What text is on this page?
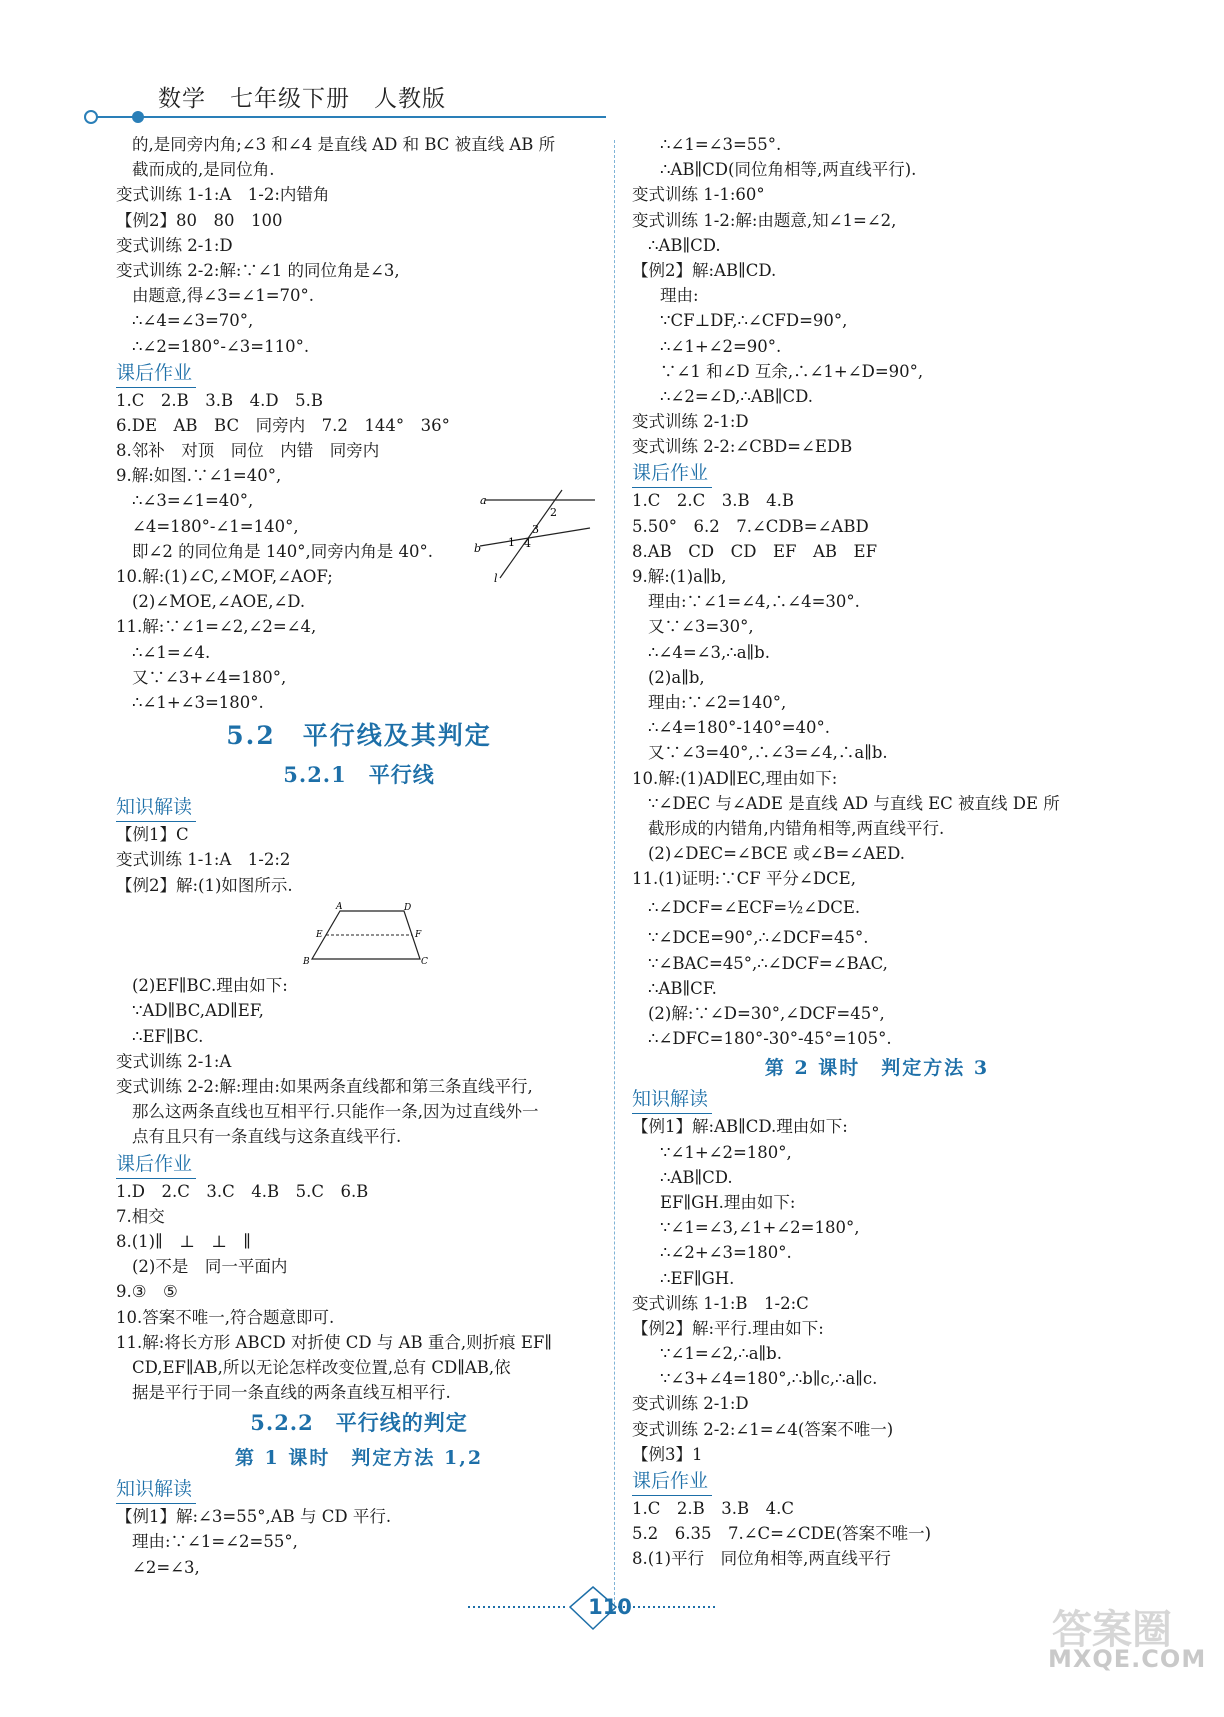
数学　七年级下册　人教版
的,是同旁内角;∠3 和∠4 是直线 AD 和 BC 被直线 AB 所
截而成的,是同位角.
变式训练 1-1:A　1-2:内错角
【例2】80　80　100
变式训练 2-1:D
变式训练 2-2:解:∵∠1 的同位角是∠3,
由题意,得∠3=∠1=70°.
∴∠4=∠3=70°,
∴∠2=180°-∠3=110°.
课后作业
1.C　2.B　3.B　4.D　5.B
6.DE　AB　BC　同旁内　7.2　144°　36°
8.邻补　对顶　同位　内错　同旁内
9.解:如图.∵∠1=40°,
∴∠3=∠1=40°,
∠4=180°-∠1=140°,
即∠2 的同位角是 140°,同旁内角是 40°.
10.解:(1)∠C,∠MOF,∠AOF;
(2)∠MOE,∠AOE,∠D.
11.解:∵∠1=∠2,∠2=∠4,
∴∠1=∠4.
又∵∠3+∠4=180°,
∴∠1+∠3=180°.
5.2　平行线及其判定
5.2.1　平行线
知识解读
【例1】C
变式训练 1-1:A　1-2:2
【例2】解:(1)如图所示.
(2)EF∥BC.理由如下:
∵AD∥BC,AD∥EF,
∴EF∥BC.
变式训练 2-1:A
变式训练 2-2:解:理由:如果两条直线都和第三条直线平行,
那么这两条直线也互相平行.只能作一条,因为过直线外一
点有且只有一条直线与这条直线平行.
课后作业
1.D　2.C　3.C　4.B　5.C　6.B
7.相交
8.(1)∥　⊥　⊥　∥
(2)不是　同一平面内
9.③　⑤
10.答案不唯一,符合题意即可.
11.解:将长方形 ABCD 对折使 CD 与 AB 重合,则折痕 EF∥
CD,EF∥AB,所以无论怎样改变位置,总有 CD∥AB,依
据是平行于同一条直线的两条直线互相平行.
5.2.2　平行线的判定
第 1 课时　判定方法 1,2
知识解读
【例1】解:∠3=55°,AB 与 CD 平行.
理由:∵∠1=∠2=55°,
∠2=∠3,
∴∠1=∠3=55°.
∴AB∥CD(同位角相等,两直线平行).
变式训练 1-1:60°
变式训练 1-2:解:由题意,知∠1=∠2,
∴AB∥CD.
【例2】解:AB∥CD.
理由:
∵CF⊥DF,∴∠CFD=90°,
∴∠1+∠2=90°.
∵∠1 和∠D 互余,∴∠1+∠D=90°,
∴∠2=∠D,∴AB∥CD.
变式训练 2-1:D
变式训练 2-2:∠CBD=∠EDB
课后作业
1.C　2.C　3.B　4.B
5.50°　6.2　7.∠CDB=∠ABD
8.AB　CD　CD　EF　AB　EF
9.解:(1)a∥b,
理由:∵∠1=∠4,∴∠4=30°.
又∵∠3=30°,
∴∠4=∠3,∴a∥b.
(2)a∥b,
理由:∵∠2=140°,
∴∠4=180°-140°=40°.
又∵∠3=40°,∴∠3=∠4,∴a∥b.
10.解:(1)AD∥EC,理由如下:
∵∠DEC 与∠ADE 是直线 AD 与直线 EC 被直线 DE 所
截形成的内错角,内错角相等,两直线平行.
(2)∠DEC=∠BCE 或∠B=∠AED.
11.(1)证明:∵CF 平分∠DCE,
∴∠DCF=∠ECF=½∠DCE.
∵∠DCE=90°,∴∠DCF=45°.
∵∠BAC=45°,∴∠DCF=∠BAC,
∴AB∥CF.
(2)解:∵∠D=30°,∠DCF=45°,
∴∠DFC=180°-30°-45°=105°.
第 2 课时　判定方法 3
知识解读
【例1】解:AB∥CD.理由如下:
∵∠1+∠2=180°,
∴AB∥CD.
EF∥GH.理由如下:
∵∠1=∠3,∠1+∠2=180°,
∴∠2+∠3=180°.
∴EF∥GH.
变式训练 1-1:B　1-2:C
【例2】解:平行.理由如下:
∵∠1=∠2,∴a∥b.
∵∠3+∠4=180°,∴b∥c,∴a∥c.
变式训练 2-1:D
变式训练 2-2:∠1=∠4(答案不唯一)
【例3】1
课后作业
1.C　2.B　3.B　4.C
5.2　6.35　7.∠C=∠CDE(答案不唯一)
8.(1)平行　同位角相等,两直线平行
a
b
l
2
3
1 4
A	D
E	F
B	C
110	答案圈
MXQE.COM
